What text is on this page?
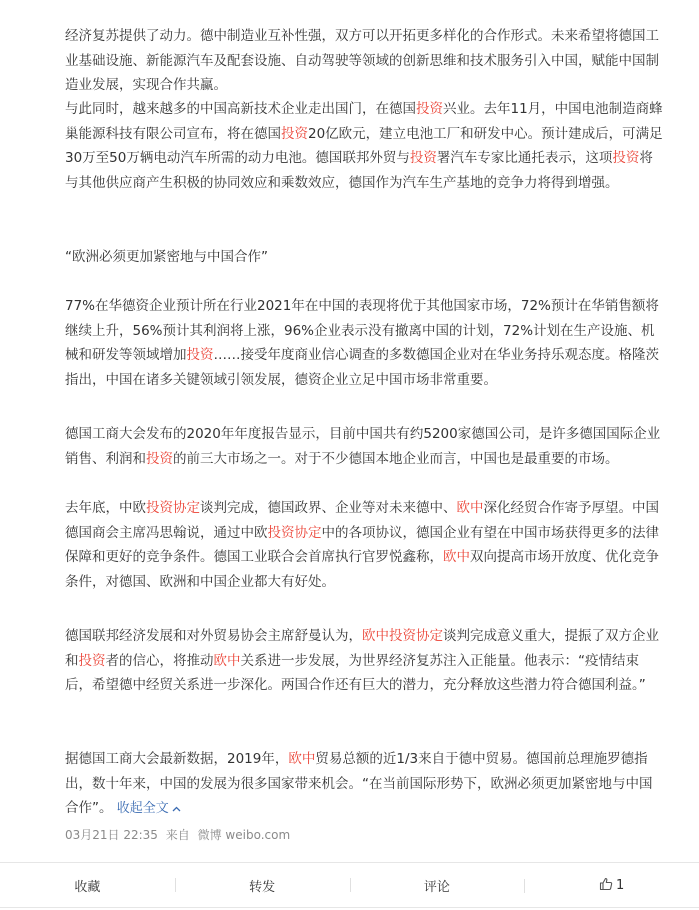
经济复苏提供了动力。德中制造业互补性强，双方可以开拓更多样化的合作形式。未来希望将德国工业基础设施、新能源汽车及配套设施、自动驾驶等领域的创新思维和技术服务引入中国，赋能中国制造业发展，实现合作共赢。

与此同时，越来越多的中国高新技术企业走出国门，在德国投资兴业。去年11月，中国电池制造商蜂巢能源科技有限公司宣布，将在德国投资20亿欧元，建立电池工厂和研发中心。预计建成后，可满足30万至50万辆电动汽车所需的动力电池。德国联邦外贸与投资署汽车专家比通托表示，这项投资将与其他供应商产生积极的协同效应和乘数效应，德国作为汽车生产基地的竞争力将得到增强。

“欧洲必须更加紧密地与中国合作”

77%在华德资企业预计所在行业2021年在中国的表现将优于其他国家市场，72%预计在华销售额将继续上升，56%预计其利润将上涨，96%企业表示没有撤离中国的计划，72%计划在生产设施、机械和研发等领域增加投资……接受年度商业信心调查的多数德国企业对在华业务持乐观态度。格隆茨指出，中国在诸多关键领域引领发展，德资企业立足中国市场非常重要。

德国工商大会发布的2020年年度报告显示，目前中国共有约5200家德国公司，是许多德国国际企业销售、利润和投资的前三大市场之一。对于不少德国本地企业而言，中国也是最重要的市场。

去年底，中欧投资协定谈判完成，德国政界、企业等对未来德中、欧中深化经贸合作寄予厚望。中国德国商会主席冯思翰说，通过中欧投资协定中的各项协议，德国企业有望在中国市场获得更多的法律保障和更好的竞争条件。德国工业联合会首席执行官罗悦鑫称，欧中双向提高市场开放度、优化竞争条件，对德国、欧洲和中国企业都大有好处。

德国联邦经济发展和对外贸易协会主席舒曼认为，欧中投资协定谈判完成意义重大，提振了双方企业和投资者的信心，将推动欧中关系进一步发展，为世界经济复苏注入正能量。他表示：“疫情结束后，希望德中经贸关系进一步深化。两国合作还有巨大的潜力，充分释放这些潜力符合德国利益。”

据德国工商大会最新数据，2019年，欧中贸易总额的近1/3来自于德中贸易。德国前总理施罗德指出，数十年来，中国的发展为很多国家带来机会。“在当前国际形势下，欧洲必须更加紧密地与中国合作”。 收起全文

03月21日 22:35 来自 微博 weibo.com
收藏	转发	评论	1
